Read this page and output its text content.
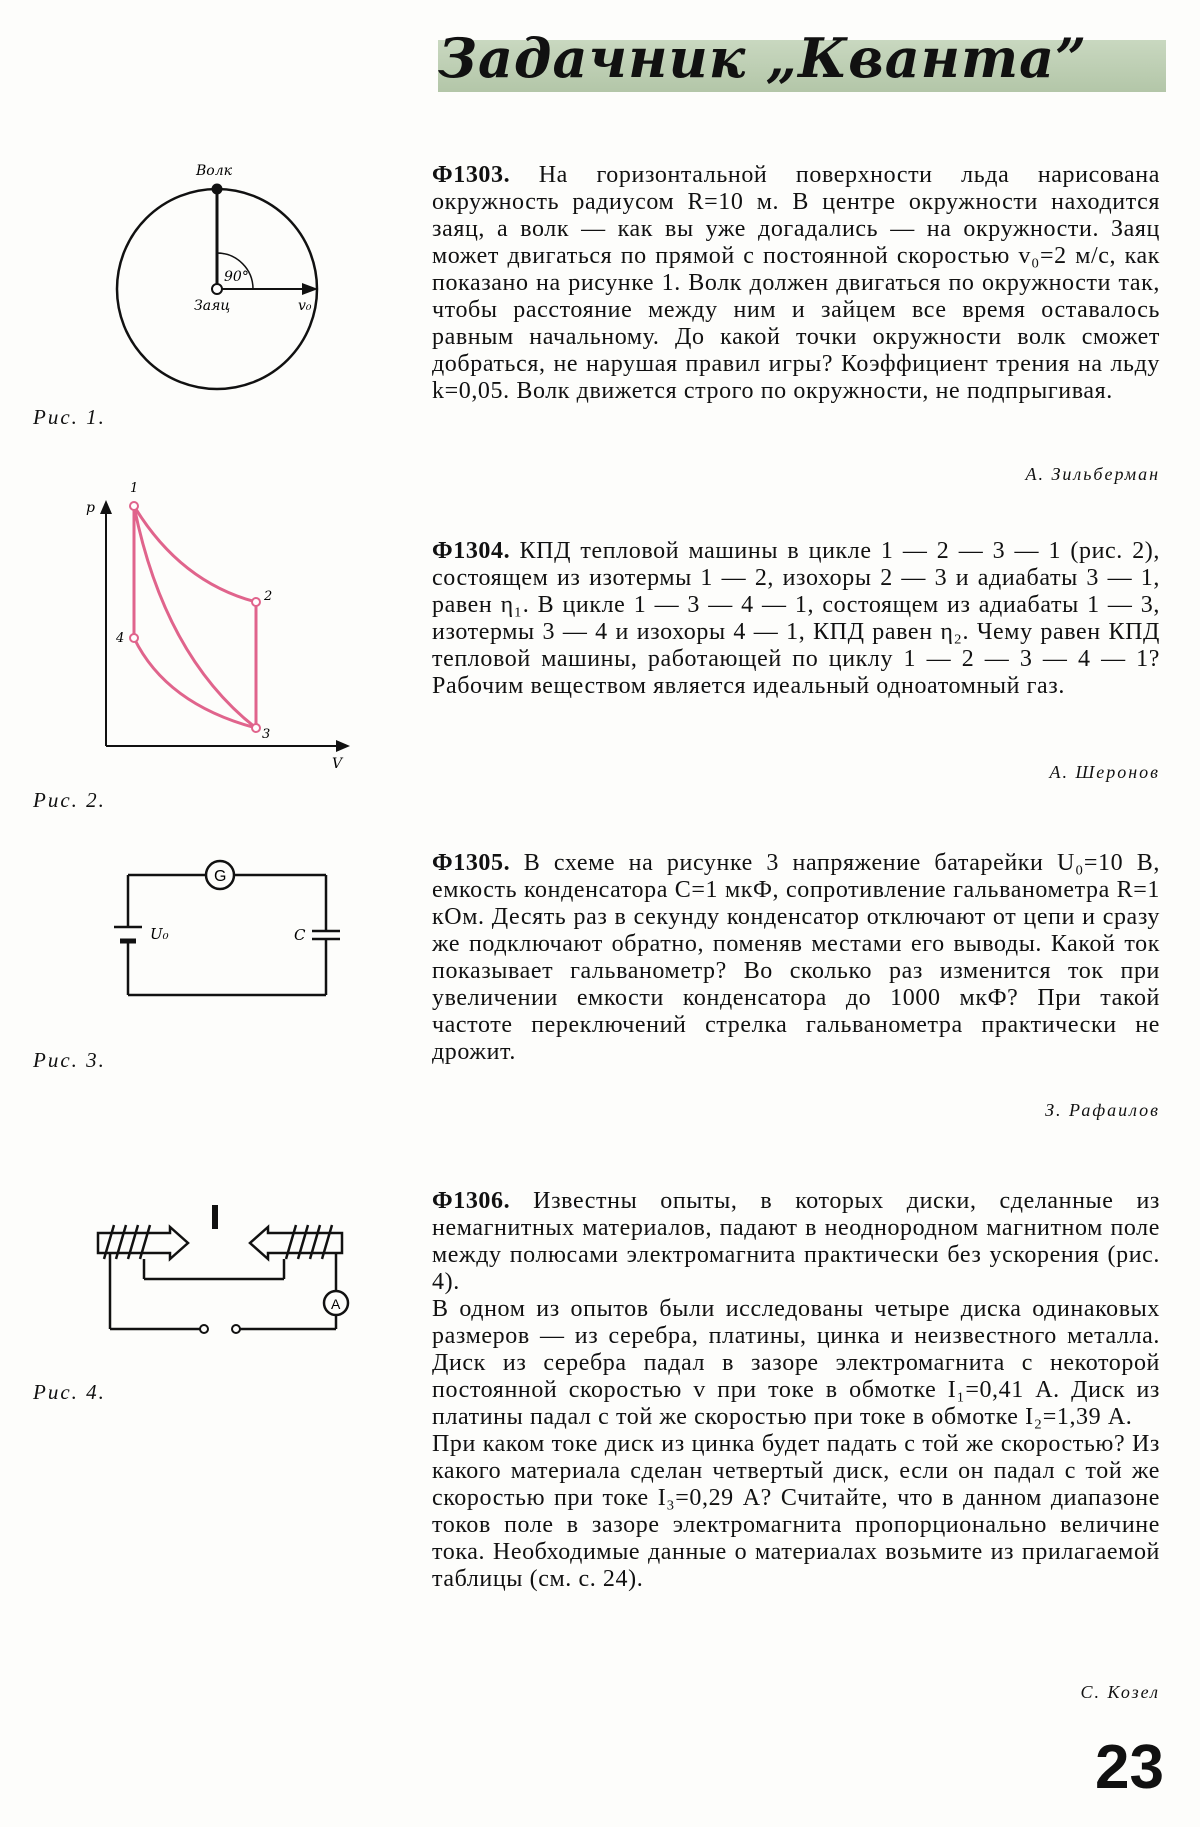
Задачник „Кванта”
Волк
90°
Заяц	v₀
Рис. 1.
p
V
1
2
3
4
Рис. 2.
G
U₀	C
Рис. 3.
A
Рис. 4.

Ф1303. На горизонтальной поверхности льда нарисована окружность радиусом R=10 м. В центре окружности находится заяц, а волк — как вы уже догадались — на окружности. Заяц может двигаться по прямой с постоянной скоростью v₀=2 м/с, как показано на рисунке 1. Волк должен двигаться по окружности так, чтобы расстояние между ним и зайцем все время оставалось равным начальному. До какой точки окружности волк сможет добраться, не нарушая правил игры? Коэффициент трения на льду k=0,05. Волк движется строго по окружности, не подпрыгивая.

А. Зильберман

Ф1304. КПД тепловой машины в цикле 1 — 2 — 3 — 1 (рис. 2), состоящем из изотермы 1 — 2, изохоры 2 — 3 и адиабаты 3 — 1, равен η₁. В цикле 1 — 3 — 4 — 1, состоящем из адиабаты 1 — 3, изотермы 3 — 4 и изохоры 4 — 1, КПД равен η₂. Чему равен КПД тепловой машины, работающей по циклу 1 — 2 — 3 — 4 — 1? Рабочим веществом является идеальный одноатомный газ.

А. Шеронов

Ф1305. В схеме на рисунке 3 напряжение батарейки U₀=10 В, емкость конденсатора C=1 мкФ, сопротивление гальванометра R=1 кОм. Десять раз в секунду конденсатор отключают от цепи и сразу же подключают обратно, поменяв местами его выводы. Какой ток показывает гальванометр? Во сколько раз изменится ток при увеличении емкости конденсатора до 1000 мкФ? При такой частоте переключений стрелка гальванометра практически не дрожит.

З. Рафаилов

Ф1306. Известны опыты, в которых диски, сделанные из немагнитных материалов, падают в неоднородном магнитном поле между полюсами электромагнита практически без ускорения (рис. 4).

В одном из опытов были исследованы четыре диска одинаковых размеров — из серебра, платины, цинка и неизвестного металла. Диск из серебра падал в зазоре электромагнита с некоторой постоянной скоростью v при токе в обмотке I₁=0,41 А. Диск из платины падал с той же скоростью при токе в обмотке I₂=1,39 А.

При каком токе диск из цинка будет падать с той же скоростью? Из какого материала сделан четвертый диск, если он падал с той же скоростью при токе I₃=0,29 А? Считайте, что в данном диапазоне токов поле в зазоре электромагнита пропорционально величине тока. Необходимые данные о материалах возьмите из прилагаемой таблицы (см. с. 24).

С. Козел
23
